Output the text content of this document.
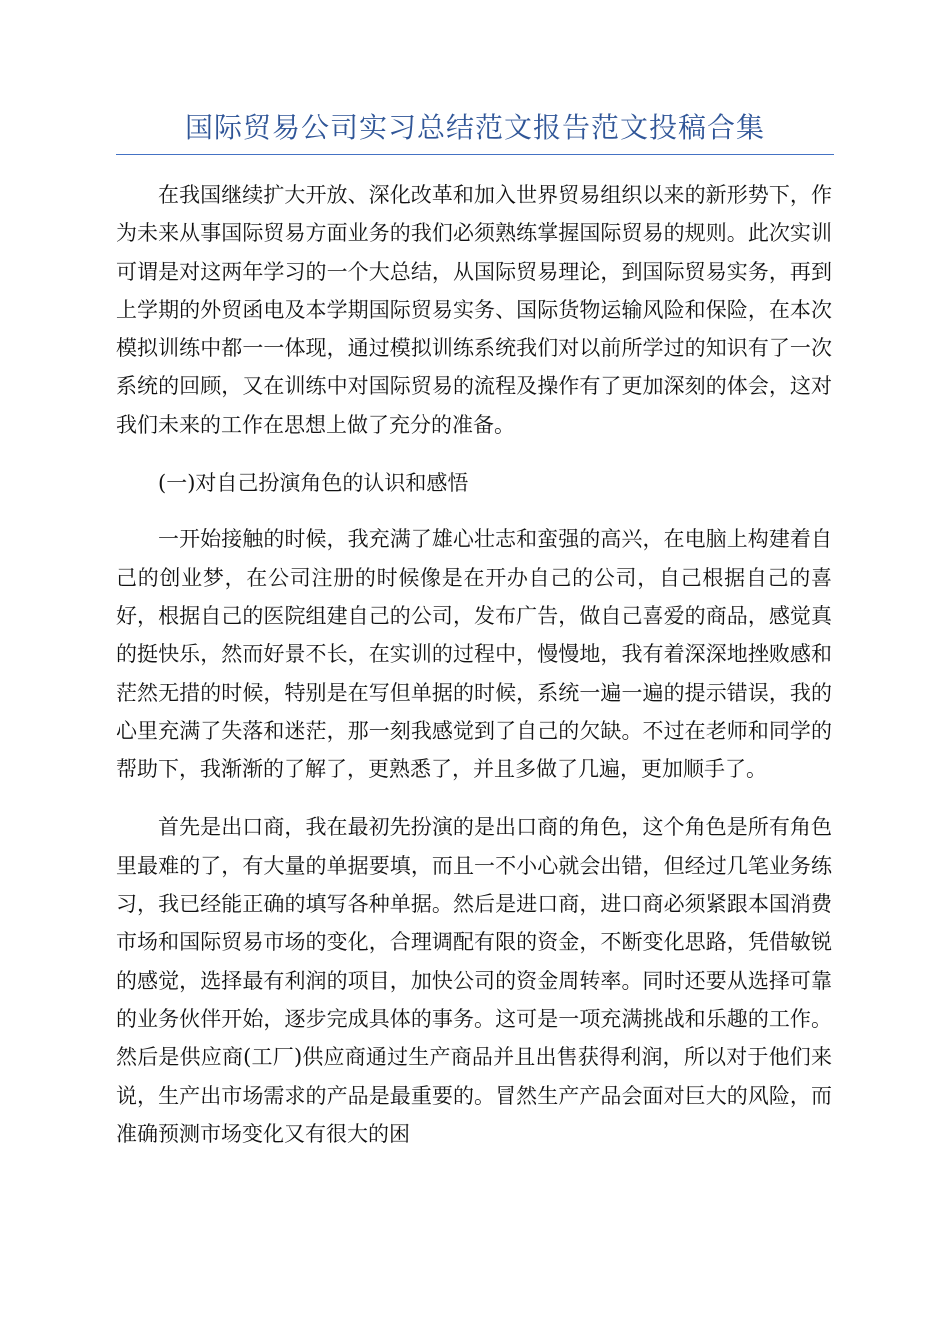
国际贸易公司实习总结范文报告范文投稿合集

在我国继续扩大开放、深化改革和加入世界贸易组织以来的新形势下，作为未来从事国际贸易方面业务的我们必须熟练掌握国际贸易的规则。此次实训可谓是对这两年学习的一个大总结，从国际贸易理论，到国际贸易实务，再到上学期的外贸函电及本学期国际贸易实务、国际货物运输风险和保险，在本次模拟训练中都一一体现，通过模拟训练系统我们对以前所学过的知识有了一次系统的回顾，又在训练中对国际贸易的流程及操作有了更加深刻的体会，这对我们未来的工作在思想上做了充分的准备。

(一)对自己扮演角色的认识和感悟

一开始接触的时候，我充满了雄心壮志和蛮强的高兴，在电脑上构建着自己的创业梦，在公司注册的时候像是在开办自己的公司，自己根据自己的喜好，根据自己的医院组建自己的公司，发布广告，做自己喜爱的商品，感觉真的挺快乐，然而好景不长，在实训的过程中，慢慢地，我有着深深地挫败感和茫然无措的时候，特别是在写但单据的时候，系统一遍一遍的提示错误，我的心里充满了失落和迷茫，那一刻我感觉到了自己的欠缺。不过在老师和同学的帮助下，我渐渐的了解了，更熟悉了，并且多做了几遍，更加顺手了。

首先是出口商，我在最初先扮演的是出口商的角色，这个角色是所有角色里最难的了，有大量的单据要填，而且一不小心就会出错，但经过几笔业务练习，我已经能正确的填写各种单据。然后是进口商，进口商必须紧跟本国消费市场和国际贸易市场的变化，合理调配有限的资金，不断变化思路，凭借敏锐的感觉，选择最有利润的项目，加快公司的资金周转率。同时还要从选择可靠的业务伙伴开始，逐步完成具体的事务。这可是一项充满挑战和乐趣的工作。然后是供应商(工厂)供应商通过生产商品并且出售获得利润，所以对于他们来说，生产出市场需求的产品是最重要的。冒然生产产品会面对巨大的风险，而准确预测市场变化又有很大的困
